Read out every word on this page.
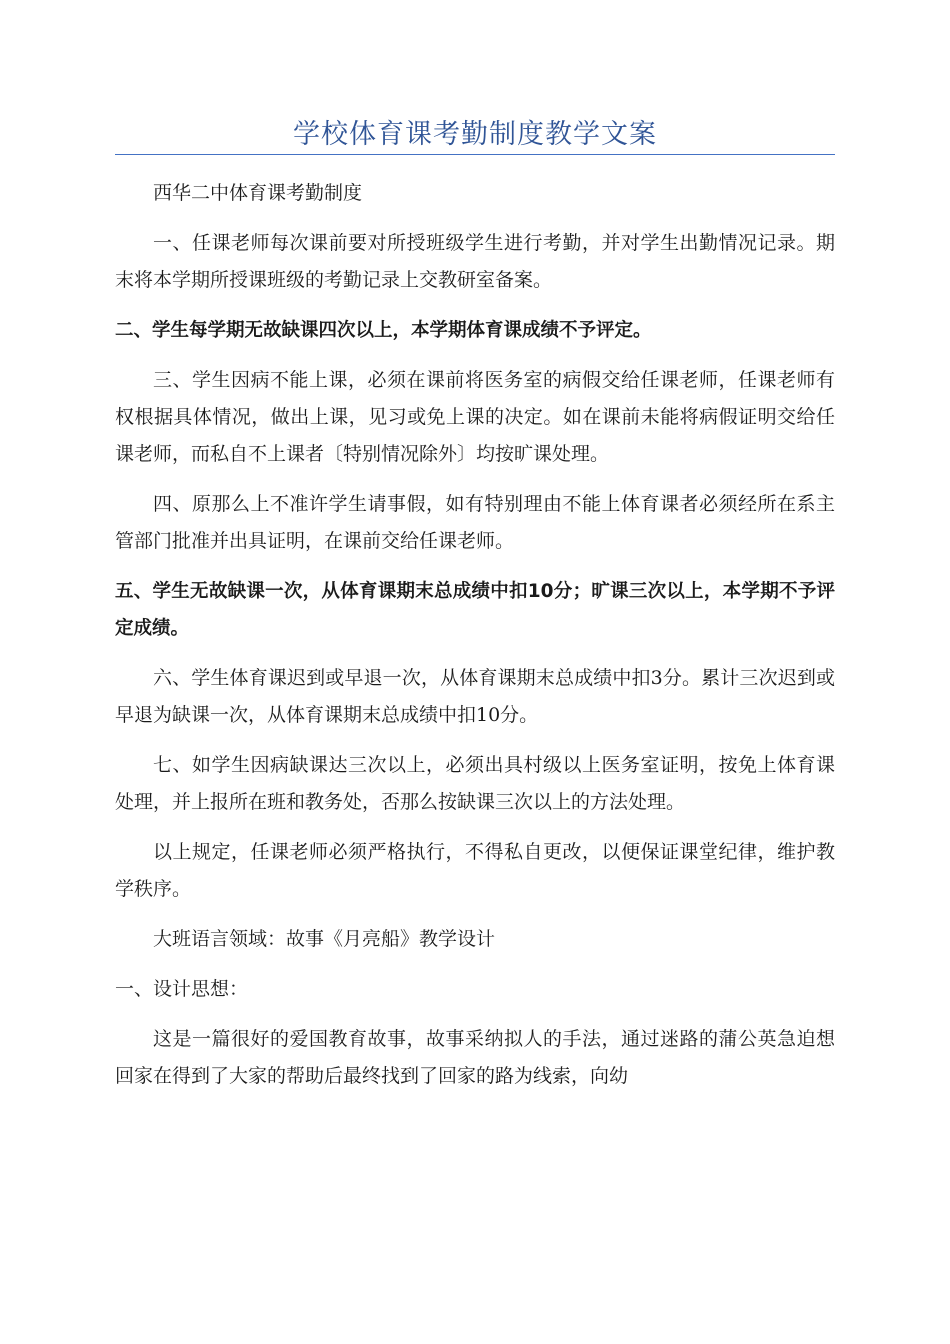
学校体育课考勤制度教学文案

西华二中体育课考勤制度

一、任课老师每次课前要对所授班级学生进行考勤，并对学生出勤情况记录。期末将本学期所授课班级的考勤记录上交教研室备案。

二、学生每学期无故缺课四次以上，本学期体育课成绩不予评定。

三、学生因病不能上课，必须在课前将医务室的病假交给任课老师，任课老师有权根据具体情况，做出上课，见习或免上课的决定。如在课前未能将病假证明交给任课老师，而私自不上课者〔特别情况除外〕均按旷课处理。

四、原那么上不准许学生请事假，如有特别理由不能上体育课者必须经所在系主管部门批准并出具证明，在课前交给任课老师。

五、学生无故缺课一次，从体育课期末总成绩中扣10分；旷课三次以上，本学期不予评定成绩。

六、学生体育课迟到或早退一次，从体育课期末总成绩中扣3分。累计三次迟到或早退为缺课一次，从体育课期末总成绩中扣10分。

七、如学生因病缺课达三次以上，必须出具村级以上医务室证明，按免上体育课处理，并上报所在班和教务处，否那么按缺课三次以上的方法处理。

以上规定，任课老师必须严格执行，不得私自更改，以便保证课堂纪律，维护教学秩序。

大班语言领域：故事《月亮船》教学设计

一、设计思想：

这是一篇很好的爱国教育故事，故事采纳拟人的手法，通过迷路的蒲公英急迫想回家在得到了大家的帮助后最终找到了回家的路为线索，向幼
